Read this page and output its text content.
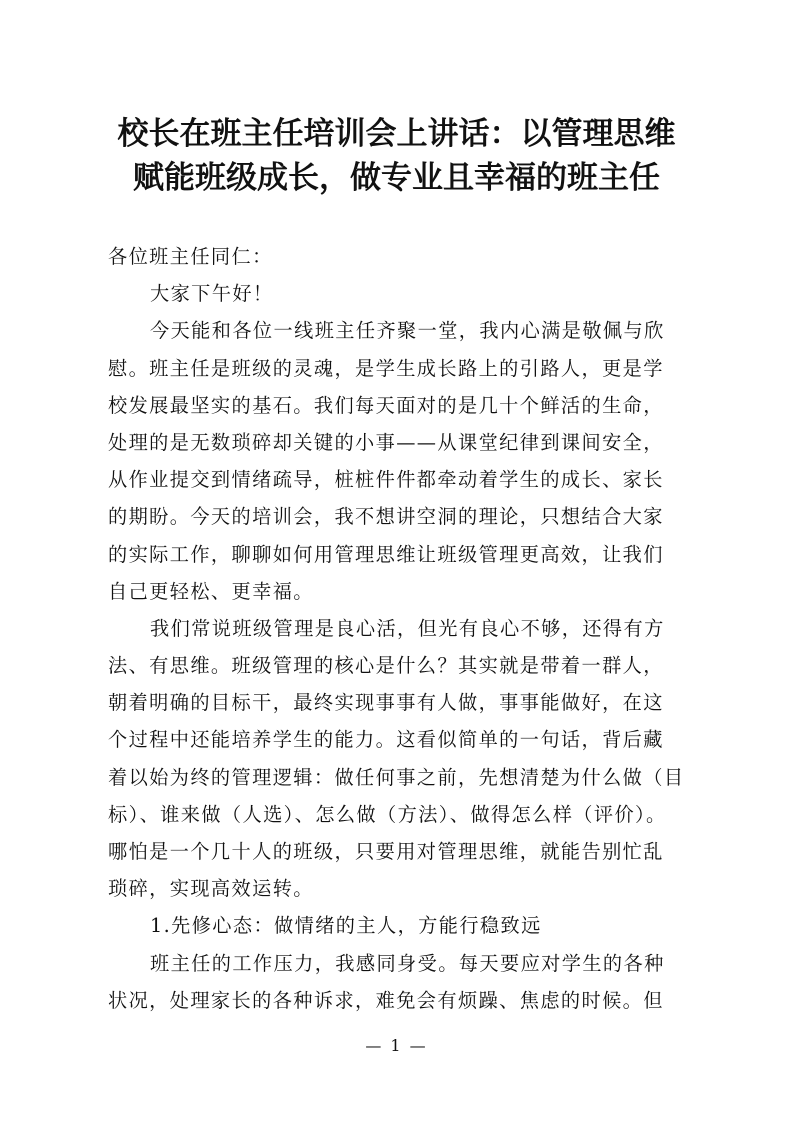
校长在班主任培训会上讲话：以管理思维
赋能班级成长，做专业且幸福的班主任
各位班主任同仁：
大家下午好！
今天能和各位一线班主任齐聚一堂，我内心满是敬佩与欣
慰。班主任是班级的灵魂，是学生成长路上的引路人，更是学
校发展最坚实的基石。我们每天面对的是几十个鲜活的生命，
处理的是无数琐碎却关键的小事——从课堂纪律到课间安全，
从作业提交到情绪疏导，桩桩件件都牵动着学生的成长、家长
的期盼。今天的培训会，我不想讲空洞的理论，只想结合大家
的实际工作，聊聊如何用管理思维让班级管理更高效，让我们
自己更轻松、更幸福。
我们常说班级管理是良心活，但光有良心不够，还得有方
法、有思维。班级管理的核心是什么？其实就是带着一群人，
朝着明确的目标干，最终实现事事有人做，事事能做好，在这
个过程中还能培养学生的能力。这看似简单的一句话，背后藏
着以始为终的管理逻辑：做任何事之前，先想清楚为什么做（目
标）、谁来做（人选）、怎么做（方法）、做得怎么样（评价）。
哪怕是一个几十人的班级，只要用对管理思维，就能告别忙乱
琐碎，实现高效运转。
1.先修心态：做情绪的主人，方能行稳致远
班主任的工作压力，我感同身受。每天要应对学生的各种
状况，处理家长的各种诉求，难免会有烦躁、焦虑的时候。但
— 1 —
